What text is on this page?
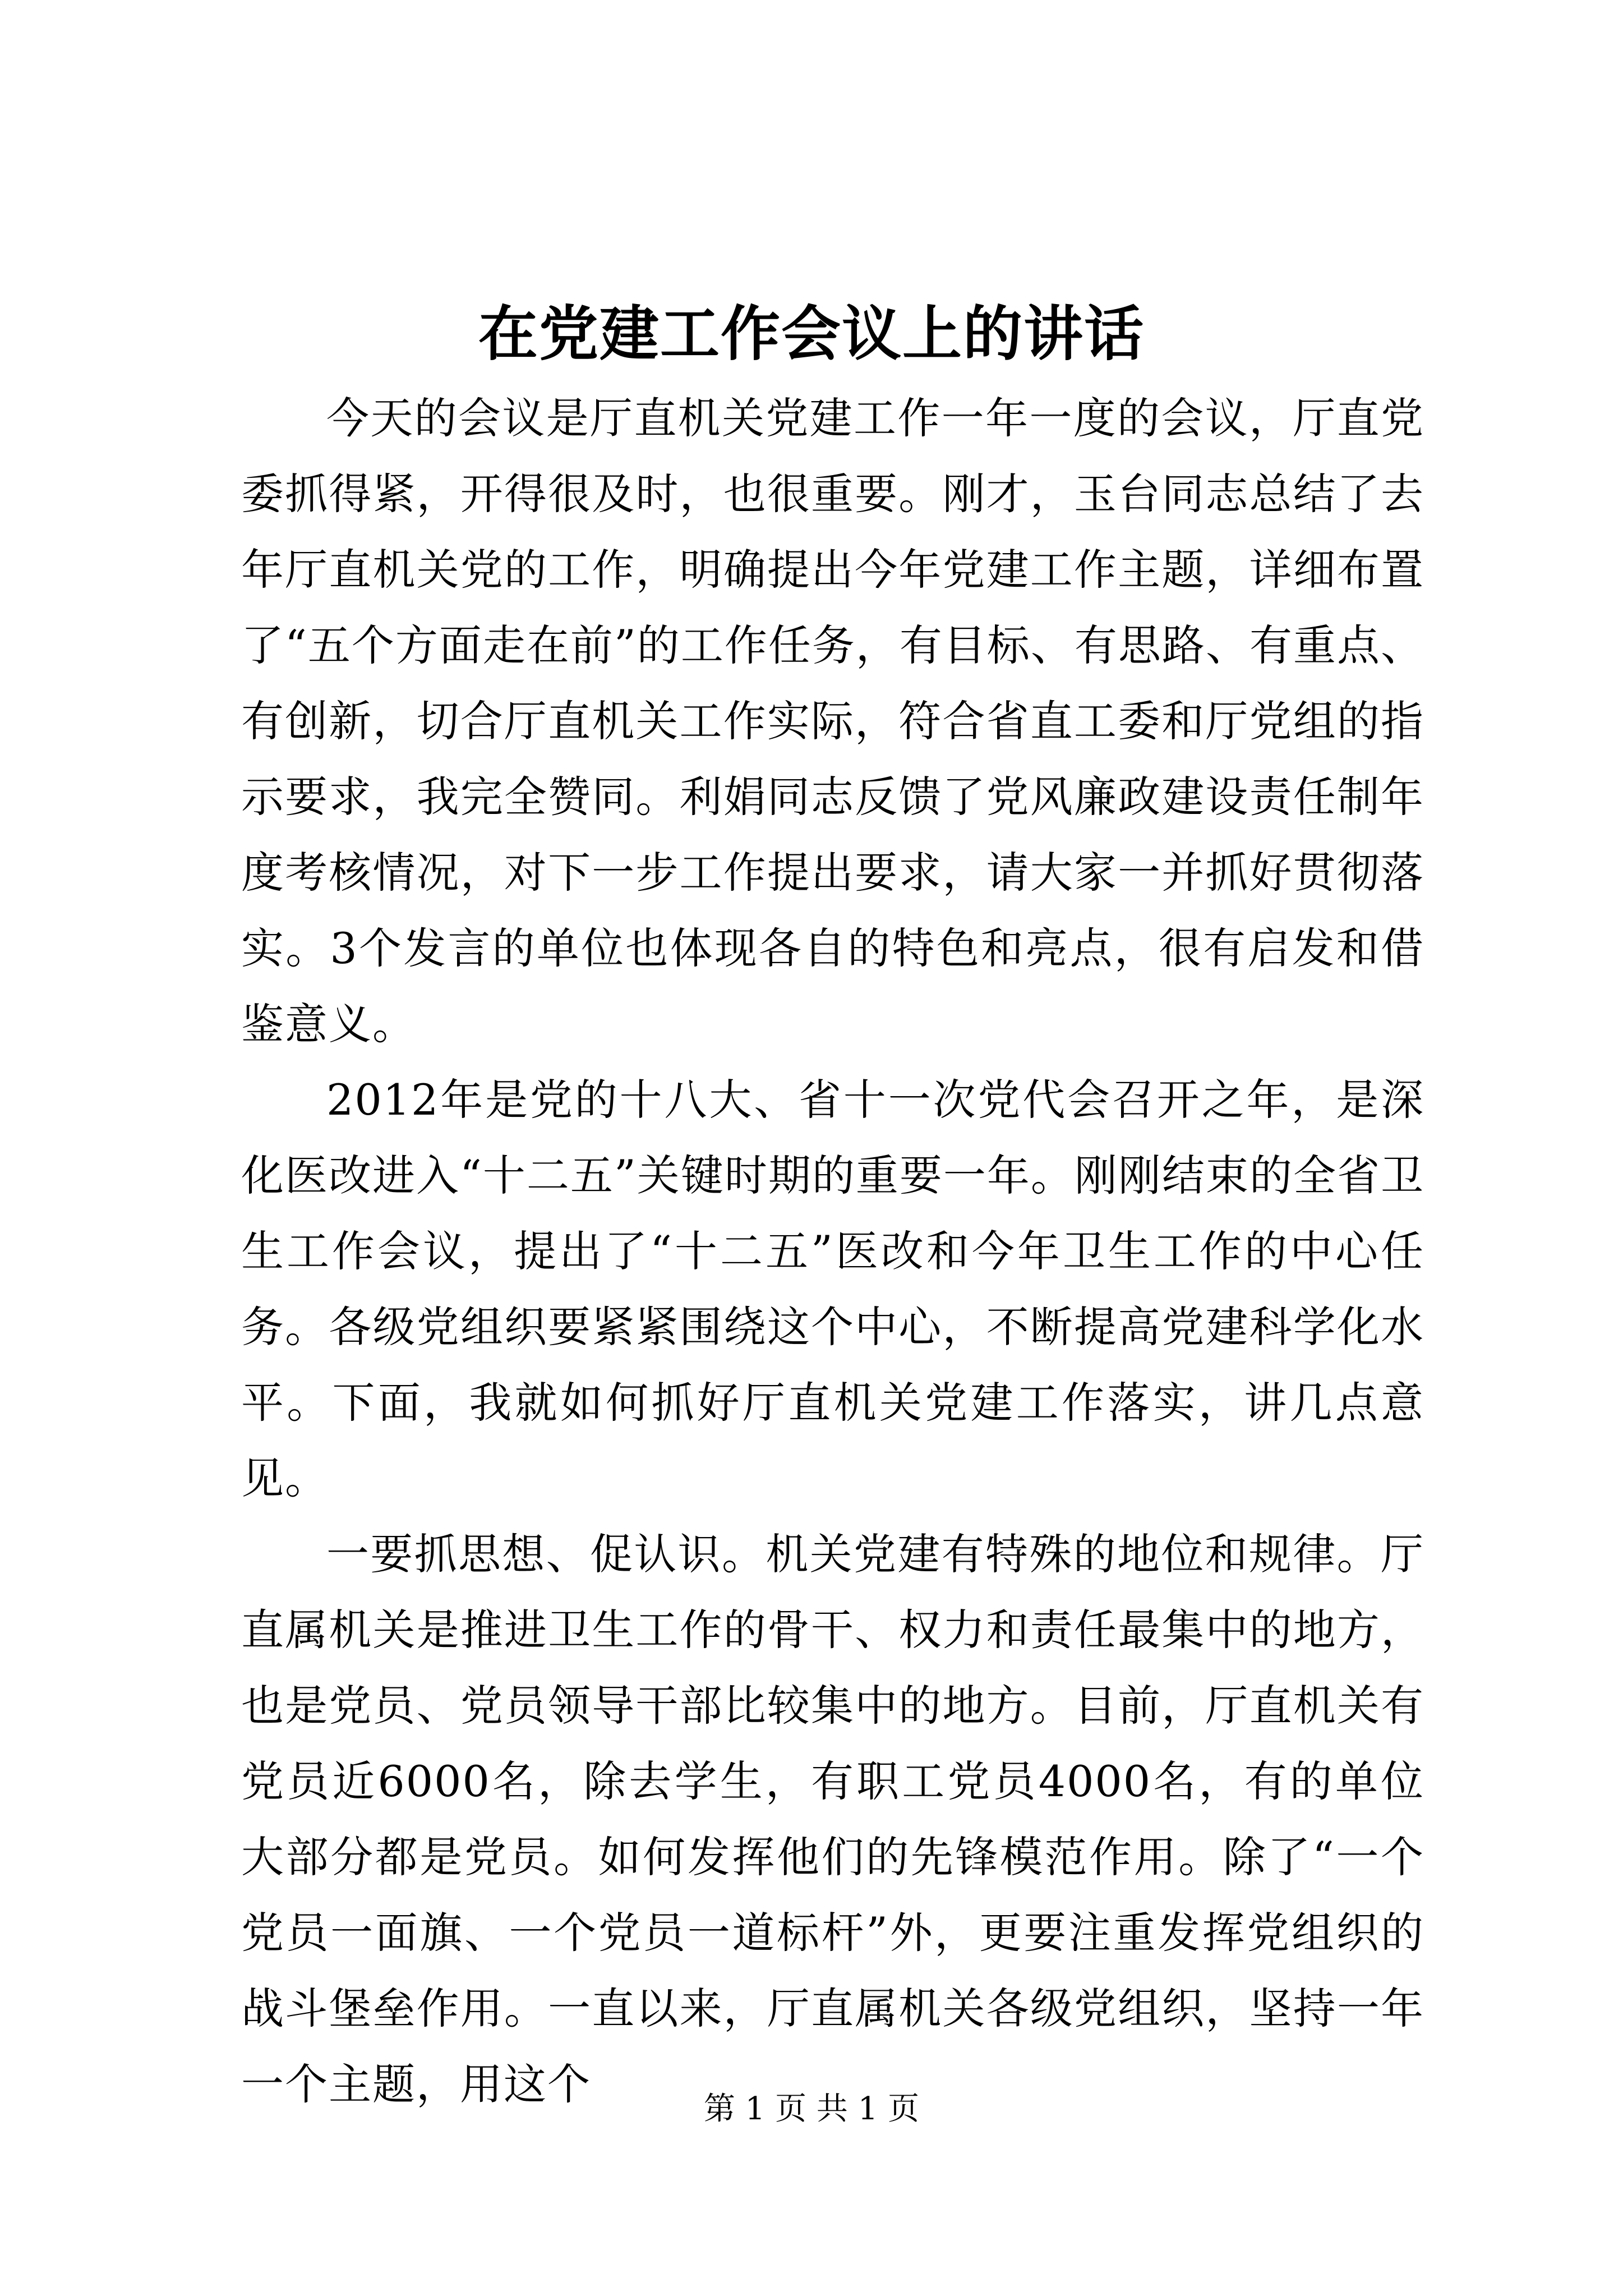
在党建工作会议上的讲话

今天的会议是厅直机关党建工作一年一度的会议，厅直党委抓得紧，开得很及时，也很重要。刚才，玉台同志总结了去年厅直机关党的工作，明确提出今年党建工作主题，详细布置了“五个方面走在前”的工作任务，有目标、有思路、有重点、有创新，切合厅直机关工作实际，符合省直工委和厅党组的指示要求，我完全赞同。利娟同志反馈了党风廉政建设责任制年度考核情况，对下一步工作提出要求，请大家一并抓好贯彻落实。3个发言的单位也体现各自的特色和亮点，很有启发和借鉴意义。

2012年是党的十八大、省十一次党代会召开之年，是深化医改进入“十二五”关键时期的重要一年。刚刚结束的全省卫生工作会议，提出了“十二五”医改和今年卫生工作的中心任务。各级党组织要紧紧围绕这个中心，不断提高党建科学化水平。下面，我就如何抓好厅直机关党建工作落实，讲几点意见。

一要抓思想、促认识。机关党建有特殊的地位和规律。厅直属机关是推进卫生工作的骨干、权力和责任最集中的地方，也是党员、党员领导干部比较集中的地方。目前，厅直机关有党员近6000名，除去学生，有职工党员4000名，有的单位大部分都是党员。如何发挥他们的先锋模范作用。除了“一个党员一面旗、一个党员一道标杆”外，更要注重发挥党组织的战斗堡垒作用。一直以来，厅直属机关各级党组织，坚持一年一个主题，用这个	第 1 页 共 1 页
